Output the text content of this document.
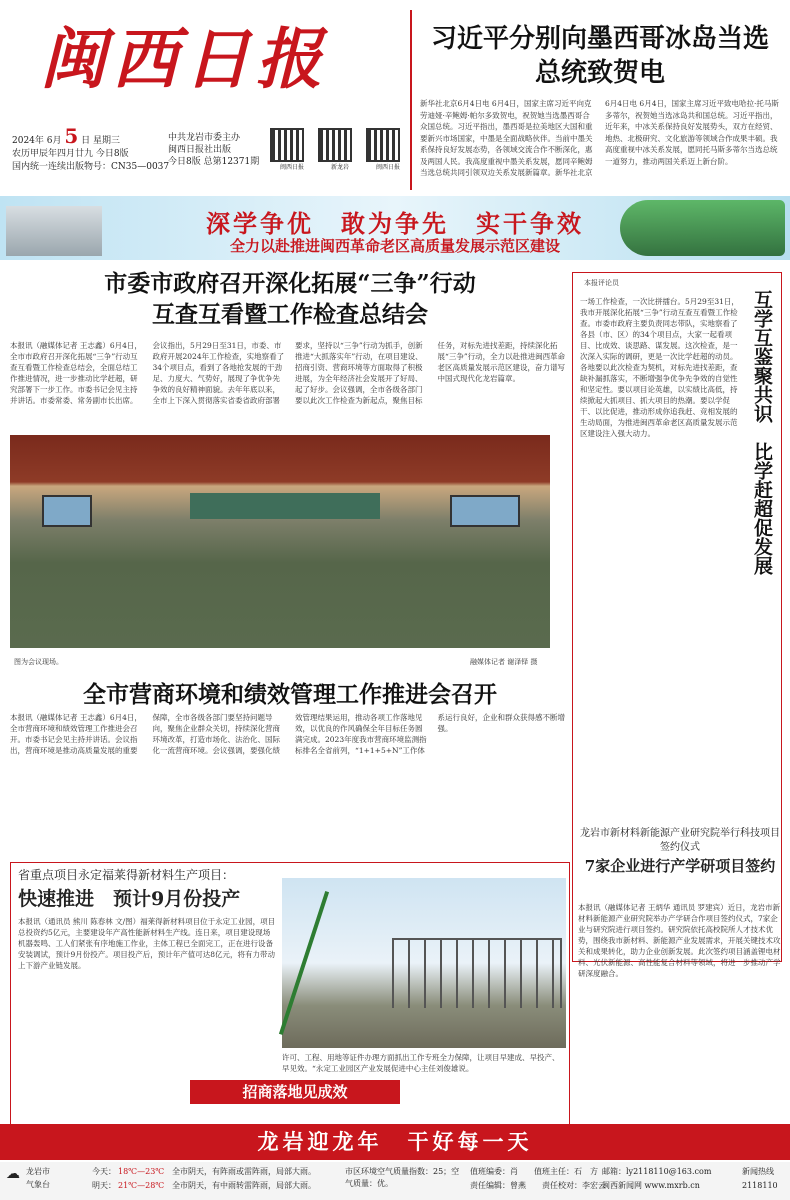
闽西日报	习近平分别向墨西哥冰岛当选总统致贺电
新华社北京6月4日电 6月4日，国家主席习近平向克劳迪娅·辛鲍姆·帕尔多致贺电，祝贺她当选墨西哥合众国总统。习近平指出，墨西哥是拉美地区大国和重要新兴市场国家，中墨是全面战略伙伴。当前中墨关系保持良好发展态势，各领域交流合作不断深化，惠及两国人民。我高度重视中墨关系发展，愿同辛鲍姆当选总统共同引领双边关系发展新篇章。新华社北京6月4日电 6月4日，国家主席习近平致电哈拉·托马斯多蒂尔，祝贺她当选冰岛共和国总统。习近平指出，近年来，中冰关系保持良好发展势头，双方在经贸、地热、北极研究、文化旅游等领域合作成果丰硕。我高度重视中冰关系发展，愿同托马斯多蒂尔当选总统一道努力，推动两国关系迈上新台阶。
2024年 6月 5 日 星期三
农历甲辰年四月廿九 今日8版
国内统一连续出版物号：CN35—0037
中共龙岩市委主办
闽西日报社出版
今日8版 总第12371期
闽西日报	新龙岩	闽西日报
深学争优　敢为争先　实干争效
全力以赴推进闽西革命老区高质量发展示范区建设
市委市政府召开深化拓展“三争”行动
互查互看暨工作检查总结会
本报讯（融媒体记者 王志鑫）6月4日，全市市政府召开深化拓展“三争”行动互查互看暨工作检查总结会，全面总结工作推进情况，进一步推动比学赶超，研究部署下一步工作。市委书记会见主持并讲话。市委常委、常务副市长出席。会议指出，5月29日至31日，市委、市政府开展2024年工作检查，实地察看了34个项目点，看到了各地抢发展的干劲足、力度大、气势好，展现了争优争先争效的良好精神面貌。去年年底以来，全市上下深入贯彻落实省委省政府部署要求，坚持以“三争”行动为抓手，创新推进“大抓落实年”行动，在项目建设、招商引资、营商环境等方面取得了积极进展，为全年经济社会发展开了好局、起了好步。会议强调，全市各级各部门要以此次工作检查为新起点，聚焦目标任务，对标先进找差距，持续深化拓展“三争”行动，全力以赴推进闽西革命老区高质量发展示范区建设，奋力谱写中国式现代化龙岩篇章。
图为会议现场。	融媒体记者 谢泽铎 摄
全市营商环境和绩效管理工作推进会召开
本报讯（融媒体记者 王志鑫）6月4日，全市营商环境和绩效管理工作推进会召开。市委书记会见主持并讲话。会议指出，营商环境是推动高质量发展的重要保障，全市各级各部门要坚持问题导向，聚焦企业群众关切，持续深化营商环境改革，打造市场化、法治化、国际化一流营商环境。会议强调，要强化绩效管理结果运用，推动各项工作落地见效，以优良的作风确保全年目标任务圆满完成。2023年度我市营商环境监测指标排名全省前列，“1+1+5+N”工作体系运行良好，企业和群众获得感不断增强。
本报评论员
互学互鉴聚共识　比学赶超促发展
一场工作检查，一次比拼擂台。5月29至31日，我市开展深化拓展“三争”行动互查互看暨工作检查。市委市政府主要负责同志带队，实地察看了各县（市、区）的34个项目点，大家一起看项目、比成效、谈思路、谋发展。这次检查，是一次深入实际的调研，更是一次比学赶超的动员。各地要以此次检查为契机，对标先进找差距，查缺补漏抓落实，不断增强争优争先争效的自觉性和坚定性。要以项目论英雄，以实绩比高低，持续掀起大抓项目、抓大项目的热潮。要以学促干、以比促进，推动形成你追我赶、竞相发展的生动局面，为推进闽西革命老区高质量发展示范区建设注入强大动力。
龙岩市新材料新能源产业研究院举行科技项目签约仪式
7家企业进行产学研项目签约
本报讯（融媒体记者 王炳华 通讯员 罗建宾）近日，龙岩市新材料新能源产业研究院举办产学研合作项目签约仪式，7家企业与研究院进行项目签约。研究院依托高校院所人才技术优势，围绕我市新材料、新能源产业发展需求，开展关键技术攻关和成果转化，助力企业创新发展。此次签约项目涵盖锂电材料、光伏新能源、高性能复合材料等领域，将进一步推动产学研深度融合。
省重点项目永定福莱得新材料生产项目：
快速推进　预计9月份投产
本报讯（通讯员 熊川 陈春林 文/图）福莱得新材料项目位于永定工业园，项目总投资约5亿元，主要建设年产高性能新材料生产线。连日来，项目建设现场机器轰鸣、工人们紧张有序地施工作业，主体工程已全面完工，正在进行设备安装调试，预计9月份投产。项目投产后，预计年产值可达8亿元，将有力带动上下游产业链发展。
许可、工程、用地等证件办理方面抓出工作专班全力保障，让项目早建成、早投产、早见效。“永定工业园区产业发展促进中心主任刘俊雄说。
招商落地见成效
龙岩迎龙年　干好每一天
☁ 龙岩市
气象台
今天： 18℃—23℃ 全市阴天，有阵雨或雷阵雨，局部大雨。
明天： 21℃—28℃ 全市阴天，有中雨转雷阵雨，局部大雨。
市区环境空气质量指数：25；空气质量：优。
值班编委：肖　　值班主任：石　方
责任编辑：曾燕　　责任校对：李宏云
邮箱：ly2118110@163.com
闽西新闻网 www.mxrb.cn
新闻热线
2118110
